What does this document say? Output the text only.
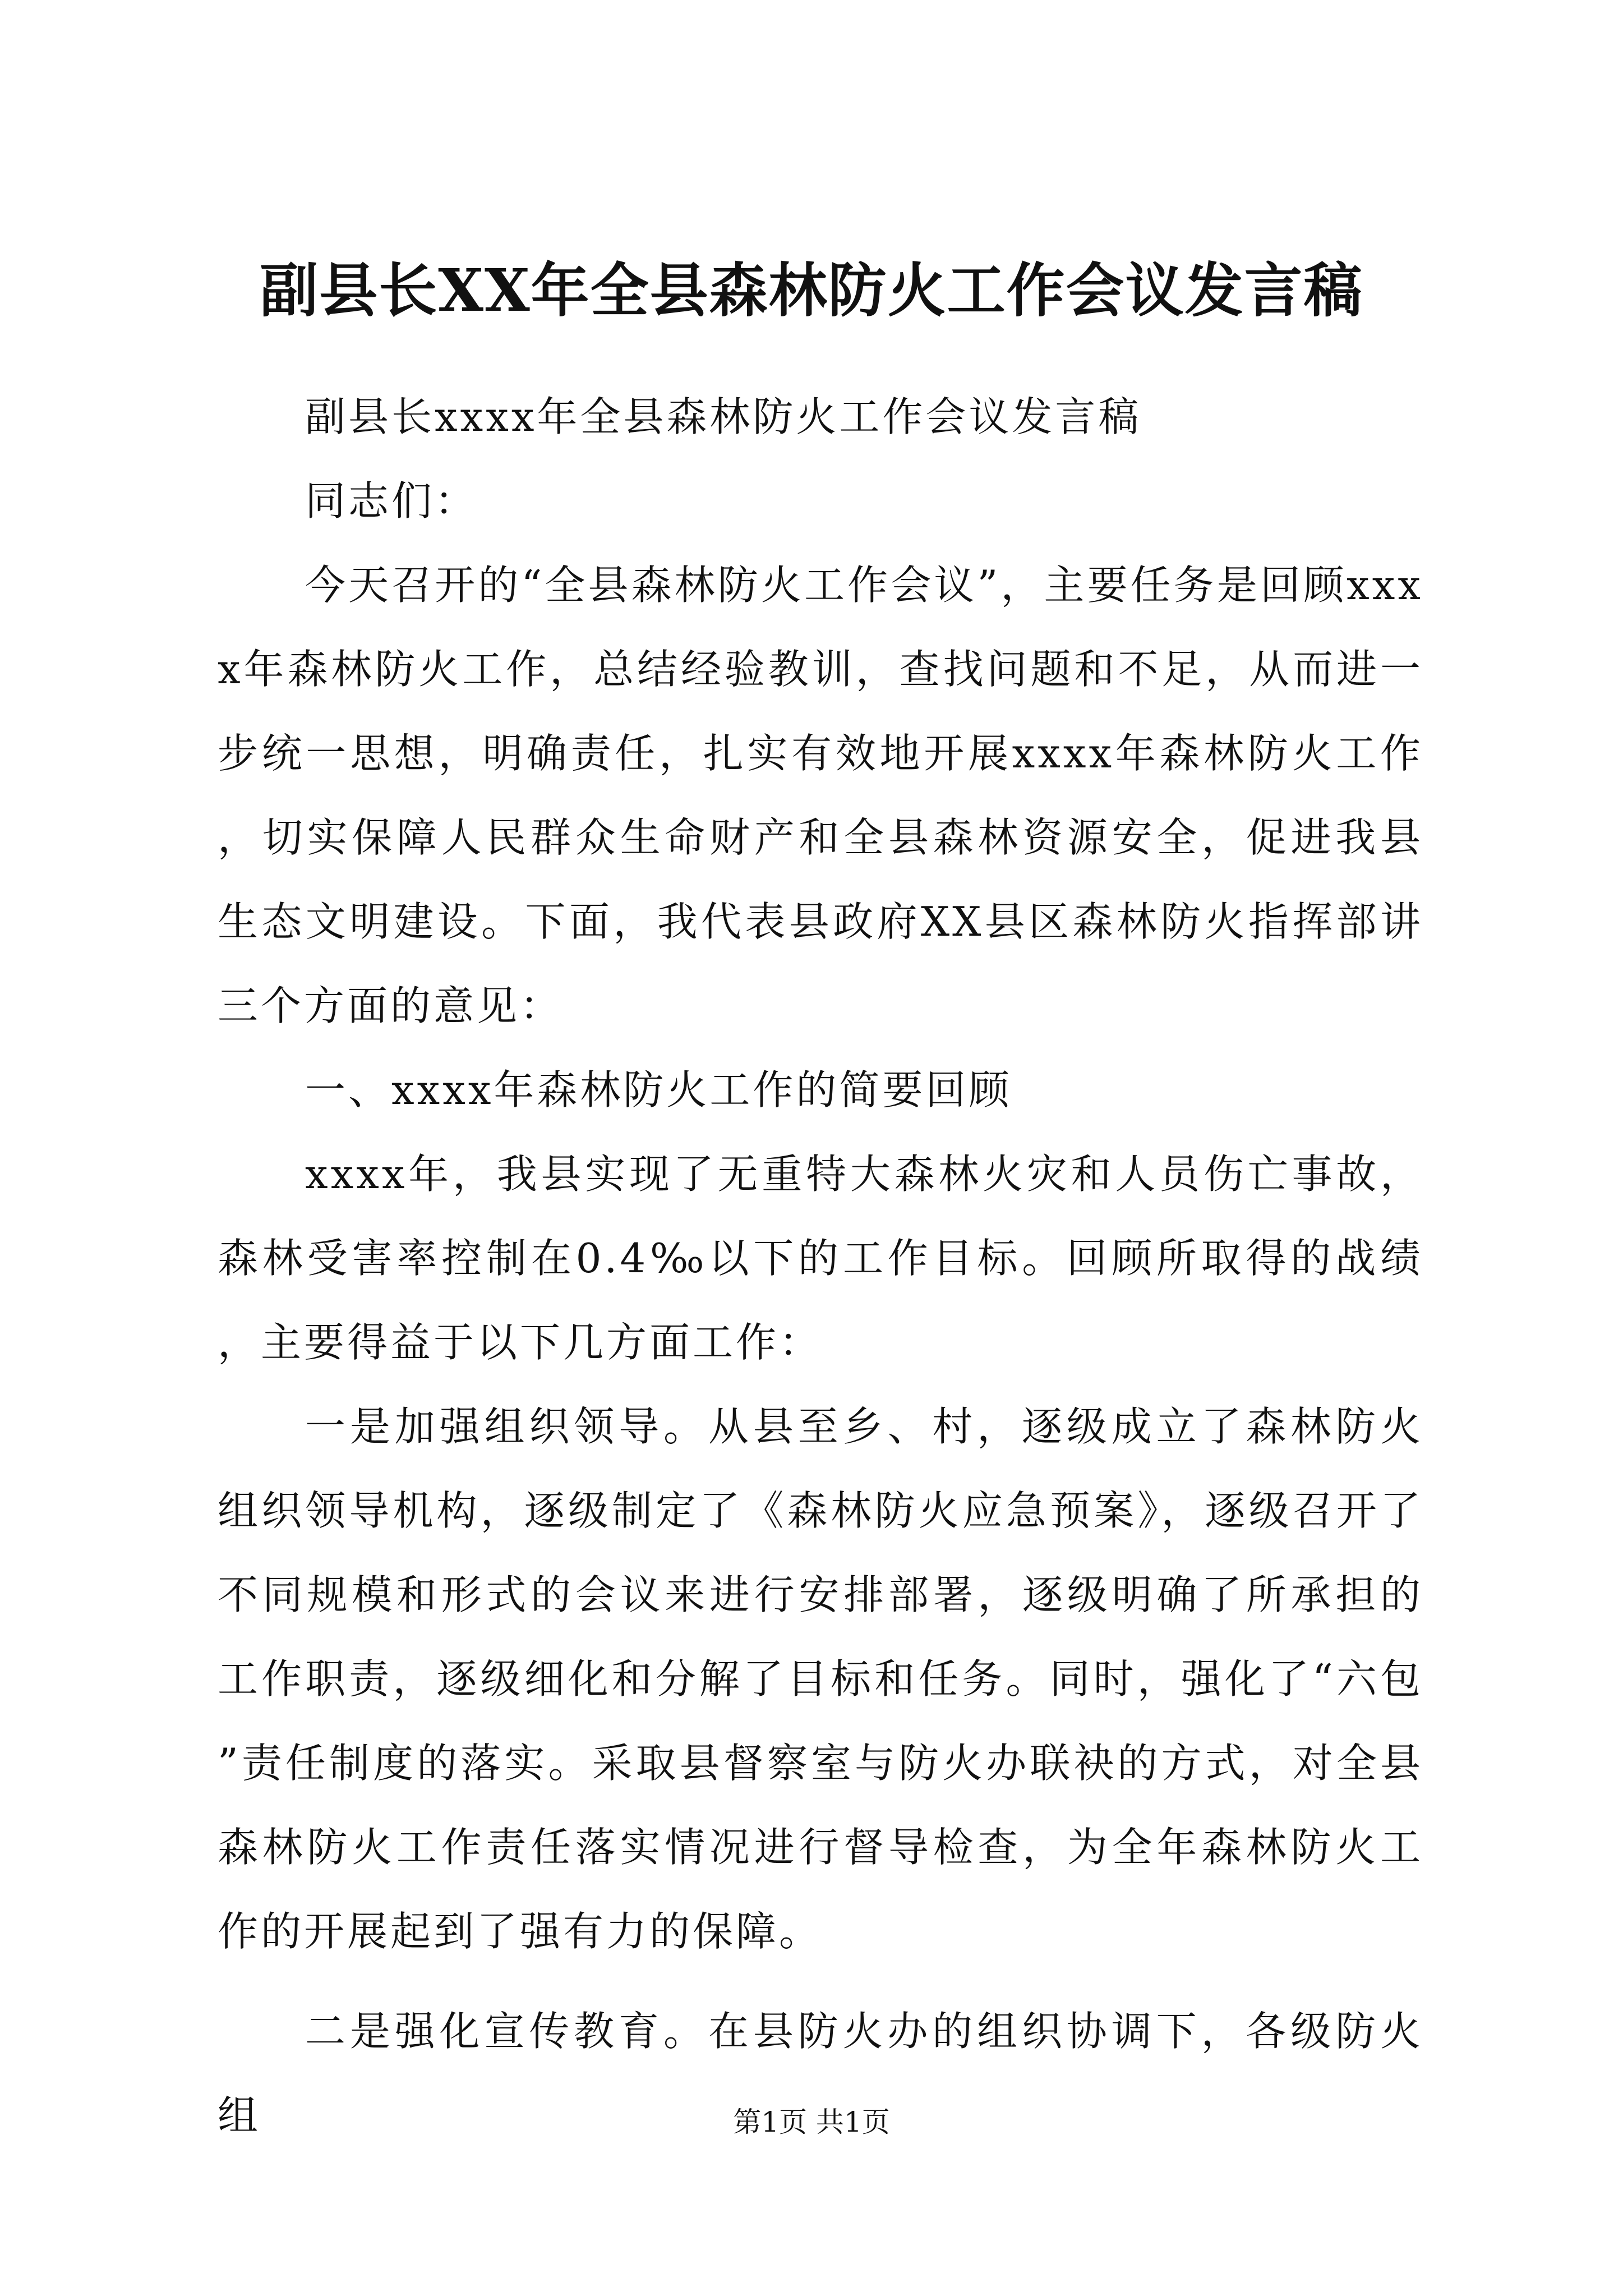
副县长XX年全县森林防火工作会议发言稿

副县长xxxx年全县森林防火工作会议发言稿

同志们：

今天召开的“全县森林防火工作会议”，主要任务是回顾xxxx年森林防火工作，总结经验教训，查找问题和不足，从而进一步统一思想，明确责任，扎实有效地开展xxxx年森林防火工作，切实保障人民群众生命财产和全县森林资源安全，促进我县生态文明建设。下面，我代表县政府XX县区森林防火指挥部讲三个方面的意见：

一、xxxx年森林防火工作的简要回顾

xxxx年，我县实现了无重特大森林火灾和人员伤亡事故，森林受害率控制在0.4‰以下的工作目标。回顾所取得的战绩，主要得益于以下几方面工作：

一是加强组织领导。从县至乡、村，逐级成立了森林防火组织领导机构，逐级制定了《森林防火应急预案》，逐级召开了不同规模和形式的会议来进行安排部署，逐级明确了所承担的工作职责，逐级细化和分解了目标和任务。同时，强化了“六包”责任制度的落实。采取县督察室与防火办联袂的方式，对全县森林防火工作责任落实情况进行督导检查，为全年森林防火工作的开展起到了强有力的保障。

二是强化宣传教育。在县防火办的组织协调下，各级防火组	第1页 共1页
